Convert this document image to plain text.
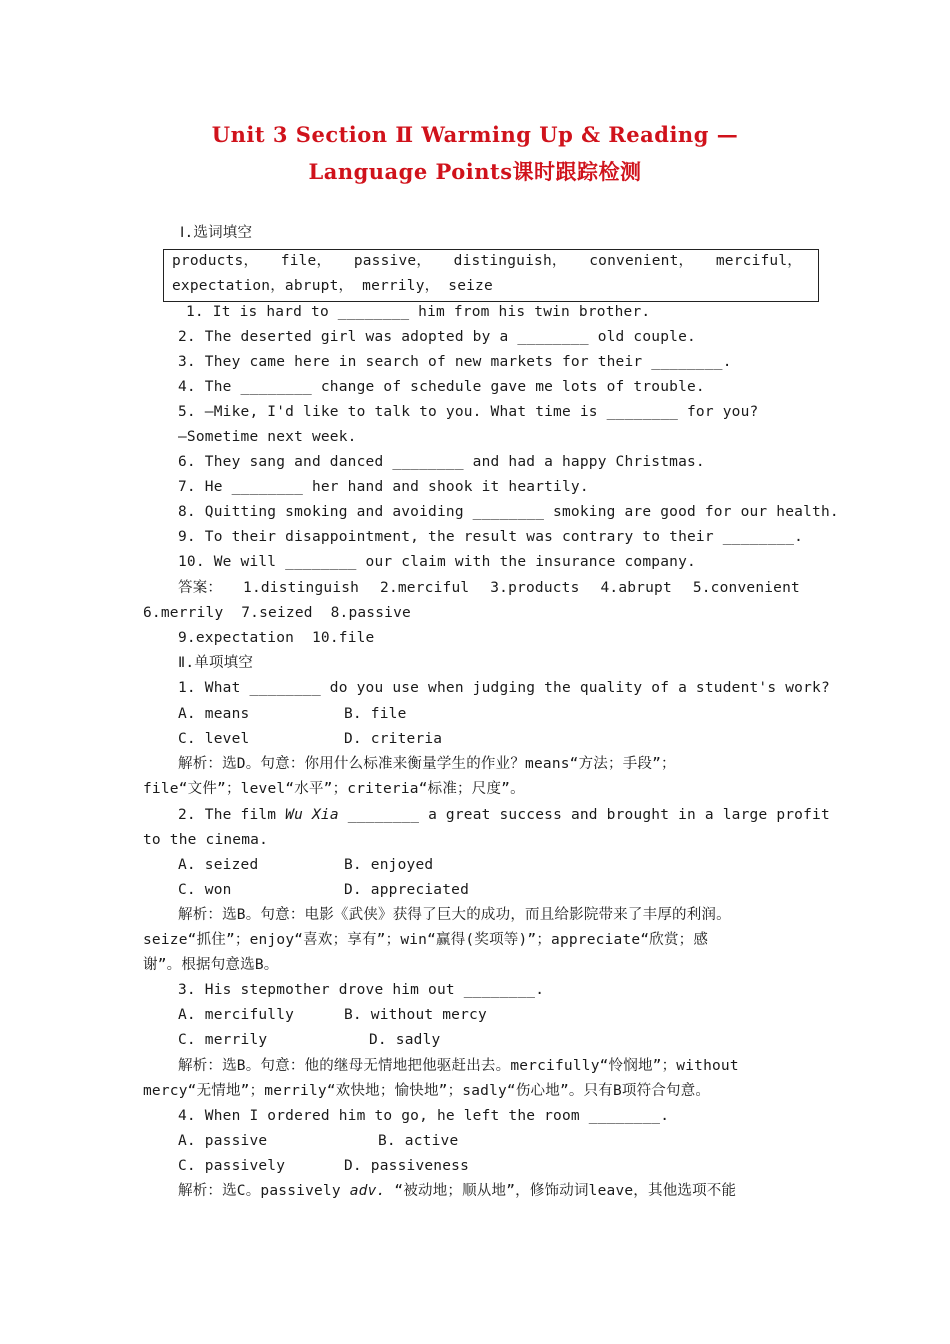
Unit 3 Section Ⅱ Warming Up & Reading —
Language Points课时跟踪检测
Ⅰ.选词填空
products， file， passive， distinguish， convenient， merciful，
expectation，abrupt， merrily， seize
1. It is hard to ________ him from his twin brother.
2. The deserted girl was adopted by a ________ old couple.
3. They came here in search of new markets for their ________.
4. The ________ change of schedule gave me lots of trouble.
5. —Mike, I'd like to talk to you. What time is ________ for you?
—Sometime next week.
6. They sang and danced ________ and had a happy Christmas.
7. He ________ her hand and shook it heartily.
8. Quitting smoking and avoiding ________ smoking are good for our health.
9. To their disappointment, the result was contrary to their ________.
10. We will ________ our claim with the insurance company.
答案： 1.distinguish 2.merciful 3.products 4.abrupt 5.convenient
6.merrily 7.seized 8.passive
9.expectation 10.file
Ⅱ.单项填空
1. What ________ do you use when judging the quality of a student's work?
A. means	B. file
C. level	D. criteria
解析：选D。句意：你用什么标准来衡量学生的作业？means“方法；手段”；
file“文件”；level“水平”；criteria“标准；尺度”。
2. The film Wu Xia ________ a great success and brought in a large profit
to the cinema.
A. seized	B. enjoyed
C. won	D. appreciated
解析：选B。句意：电影《武侠》获得了巨大的成功，而且给影院带来了丰厚的利润。
seize“抓住”；enjoy“喜欢；享有”；win“赢得(奖项等)”；appreciate“欣赏；感
谢”。根据句意选B。
3. His stepmother drove him out ________.
A. mercifully	B. without mercy
C. merrily	D. sadly
解析：选B。句意：他的继母无情地把他驱赶出去。mercifully“怜悯地”；without
mercy“无情地”；merrily“欢快地；愉快地”；sadly“伤心地”。只有B项符合句意。
4. When I ordered him to go, he left the room ________.
A. passive	B. active
C. passively	D. passiveness
解析：选C。passively adv. “被动地；顺从地”，修饰动词leave，其他选项不能
